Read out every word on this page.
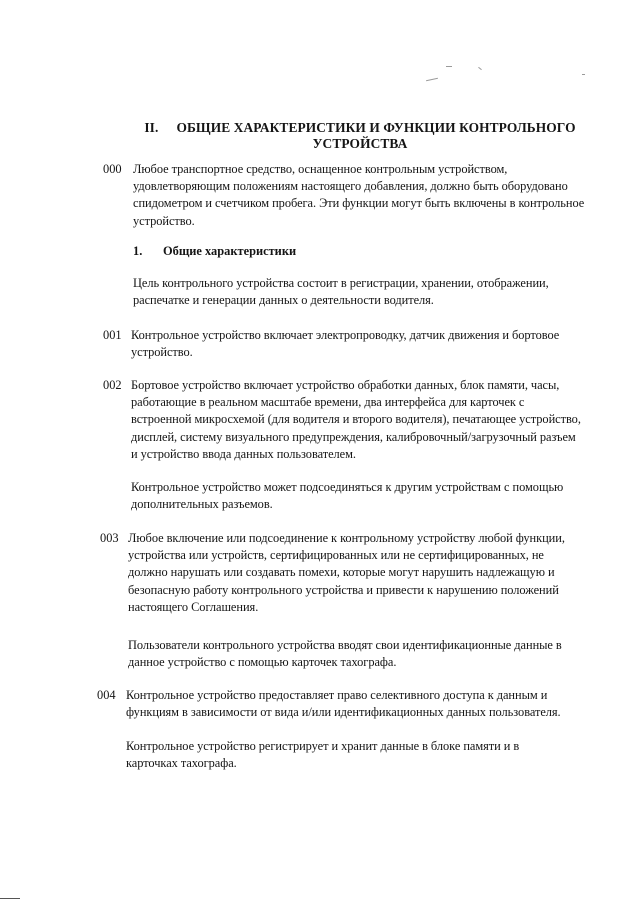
II. ОБЩИЕ ХАРАКТЕРИСТИКИ И ФУНКЦИИ КОНТРОЛЬНОГО УСТРОЙСТВА
000 Любое транспортное средство, оснащенное контрольным устройством, удовлетворяющим положениям настоящего добавления, должно быть оборудовано спидометром и счетчиком пробега. Эти функции могут быть включены в контрольное устройство.
1. Общие характеристики
Цель контрольного устройства состоит в регистрации, хранении, отображении, распечатке и генерации данных о деятельности водителя.
001 Контрольное устройство включает электропроводку, датчик движения и бортовое устройство.
002 Бортовое устройство включает устройство обработки данных, блок памяти, часы, работающие в реальном масштабе времени, два интерфейса для карточек с встроенной микросхемой (для водителя и второго водителя), печатающее устройство, дисплей, систему визуального предупреждения, калибровочный/загрузочный разъем и устройство ввода данных пользователем.
Контрольное устройство может подсоединяться к другим устройствам с помощью дополнительных разъемов.
003 Любое включение или подсоединение к контрольному устройству любой функции, устройства или устройств, сертифицированных или не сертифицированных, не должно нарушать или создавать помехи, которые могут нарушить надлежащую и безопасную работу контрольного устройства и привести к нарушению положений настоящего Соглашения.
Пользователи контрольного устройства вводят свои идентификационные данные в данное устройство с помощью карточек тахографа.
004 Контрольное устройство предоставляет право селективного доступа к данным и функциям в зависимости от вида и/или идентификационных данных пользователя.
Контрольное устройство регистрирует и хранит данные в блоке памяти и в карточках тахографа.
